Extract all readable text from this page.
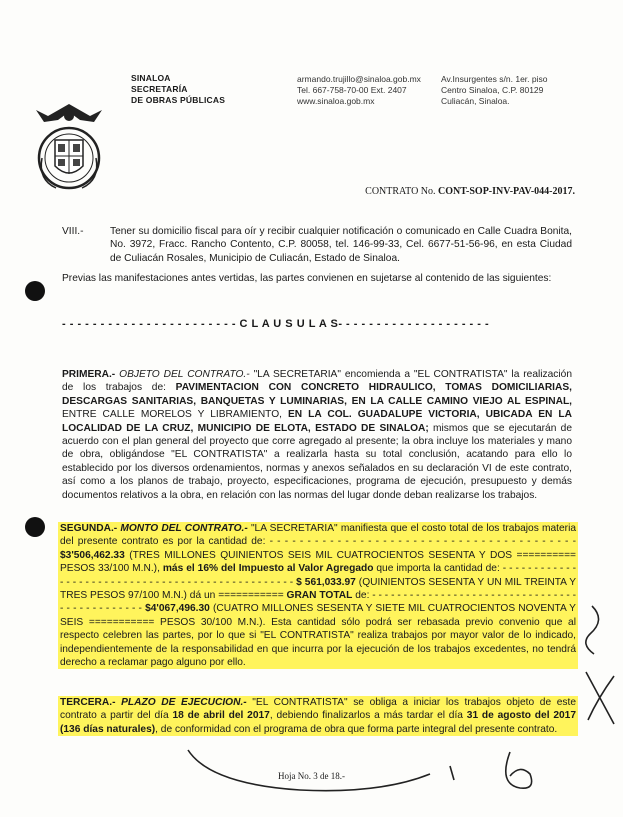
SINALOA
SECRETARÍA
DE OBRAS PÚBLICAS
armando.trujillo@sinaloa.gob.mx
Tel. 667-758-70-00 Ext. 2407
www.sinaloa.gob.mx
Av.Insurgentes s/n. 1er. piso
Centro Sinaloa, C.P. 80129
Culiacán, Sinaloa.
CONTRATO No. CONT-SOP-INV-PAV-044-2017.
VIII.-	Tener su domicilio fiscal para oír y recibir cualquier notificación o comunicado en Calle Cuadra Bonita, No. 3972, Fracc. Rancho Contento, C.P. 80058, tel. 146-99-33, Cel. 6677-51-56-96, en esta Ciudad de Culiacán Rosales, Municipio de Culiacán, Estado de Sinaloa.
Previas las manifestaciones antes vertidas, las partes convienen en sujetarse al contenido de las siguientes:
- - - - - - - - - - - - - - - - - - - - - - - C L A U S U L A S- - - - - - - - - - - - - - - - - - - -
PRIMERA.- OBJETO DEL CONTRATO.- "LA SECRETARIA" encomienda a "EL CONTRATISTA" la realización de los trabajos de: PAVIMENTACION CON CONCRETO HIDRAULICO, TOMAS DOMICILIARIAS, DESCARGAS SANITARIAS, BANQUETAS Y LUMINARIAS, EN LA CALLE CAMINO VIEJO AL ESPINAL, ENTRE CALLE MORELOS Y LIBRAMIENTO, EN LA COL. GUADALUPE VICTORIA, UBICADA EN LA LOCALIDAD DE LA CRUZ, MUNICIPIO DE ELOTA, ESTADO DE SINALOA; mismos que se ejecutarán de acuerdo con el plan general del proyecto que corre agregado al presente; la obra incluye los materiales y mano de obra, obligándose "EL CONTRATISTA" a realizarla hasta su total conclusión, acatando para ello lo establecido por los diversos ordenamientos, normas y anexos señalados en su declaración VI de este contrato, así como a los planos de trabajo, proyecto, especificaciones, programa de ejecución, presupuesto y demás documentos relativos a la obra, en relación con las normas del lugar donde deban realizarse los trabajos.
SEGUNDA.- MONTO DEL CONTRATO.- "LA SECRETARIA" manifiesta que el costo total de los trabajos materia del presente contrato es por la cantidad de: - - - - - - - - - - - - - - - - - - - - - - - - - - - - - - - - - - - - - - - - - $3'506,462.33 (TRES MILLONES QUINIENTOS SEIS MIL CUATROCIENTOS SESENTA Y DOS ========== PESOS 33/100 M.N.), más el 16% del Impuesto al Valor Agregado que importa la cantidad de: - - - - - - - - - - - - - - - - - - - - - - - - - - - - - - - - - - - - - - - - - - - - - - - - - $ 561,033.97 (QUINIENTOS SESENTA Y UN MIL TREINTA Y TRES PESOS 97/100 M.N.) dá un =========== GRAN TOTAL de: - - - - - - - - - - - - - - - - - - - - - - - - - - - - - - - - - - - - - - - - - - - - - - $4'067,496.30 (CUATRO MILLONES SESENTA Y SIETE MIL CUATROCIENTOS NOVENTA Y SEIS =========== PESOS 30/100 M.N.). Esta cantidad sólo podrá ser rebasada previo convenio que al respecto celebren las partes, por lo que si "EL CONTRATISTA" realiza trabajos por mayor valor de lo indicado, independientemente de la responsabilidad en que incurra por la ejecución de los trabajos excedentes, no tendrá derecho a reclamar pago alguno por ello.
TERCERA.- PLAZO DE EJECUCION.- "EL CONTRATISTA" se obliga a iniciar los trabajos objeto de este contrato a partir del día 18 de abril del 2017, debiendo finalizarlos a más tardar el día 31 de agosto del 2017 (136 días naturales), de conformidad con el programa de obra que forma parte integral del presente contrato.
Hoja No. 3 de 18.-
